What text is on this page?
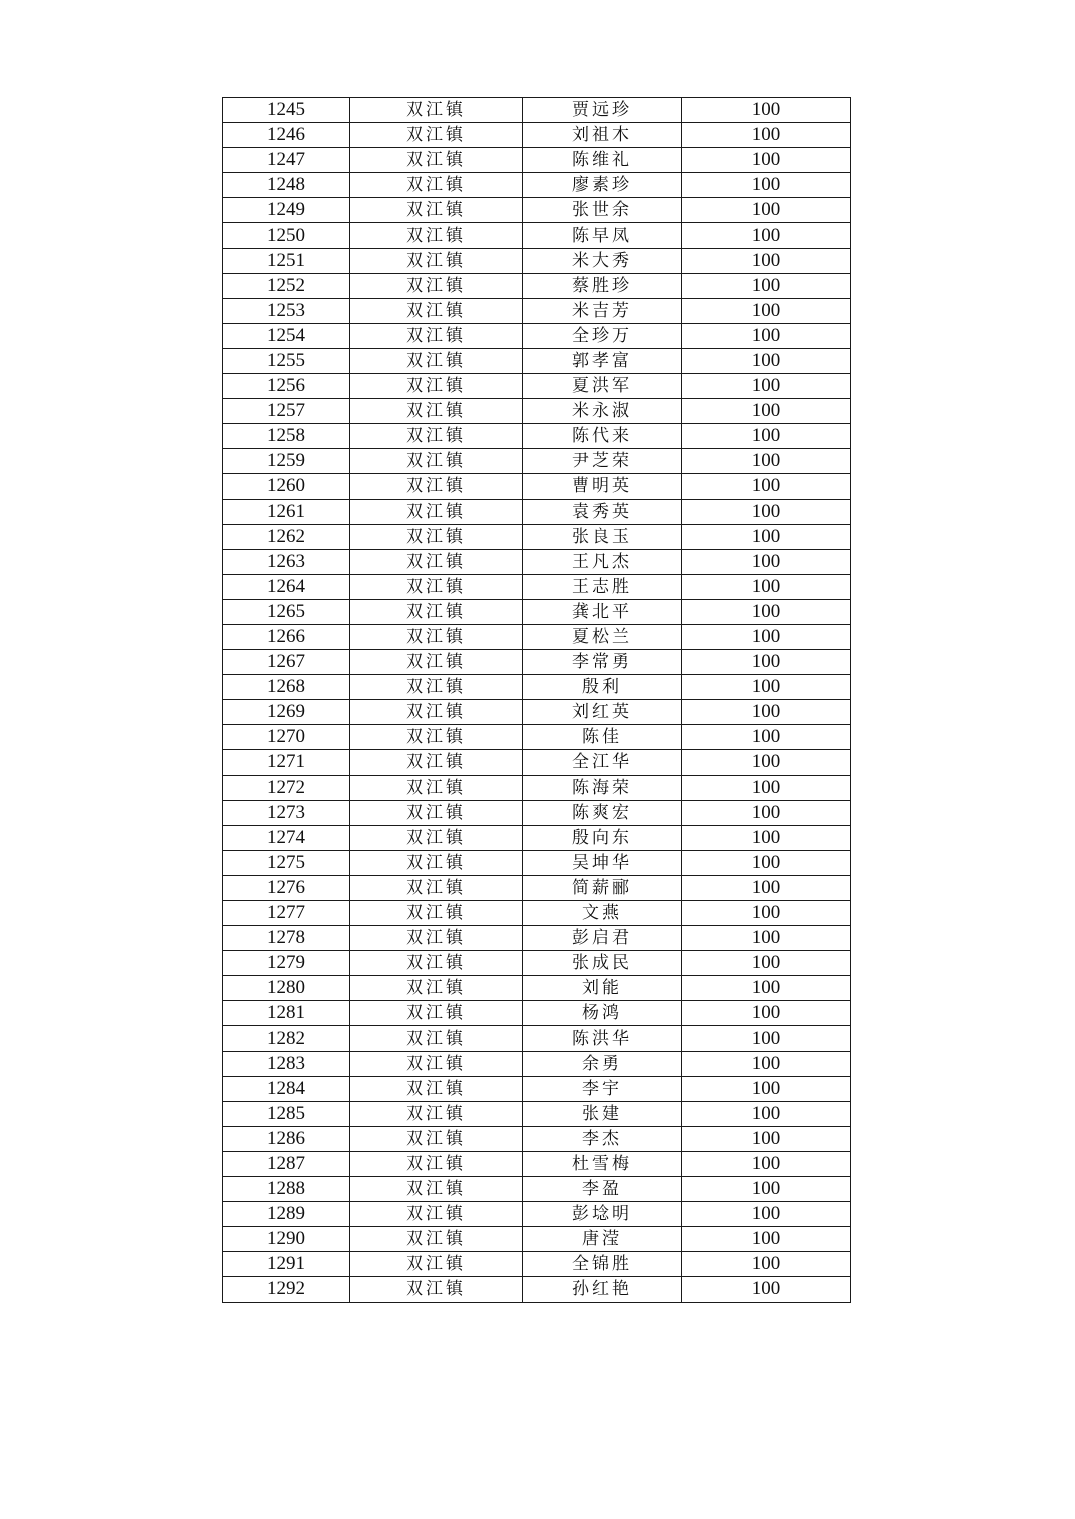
1245	双江镇	贾远珍	100
1246	双江镇	刘祖木	100
1247	双江镇	陈维礼	100
1248	双江镇	廖素珍	100
1249	双江镇	张世余	100
1250	双江镇	陈早凤	100
1251	双江镇	米大秀	100
1252	双江镇	蔡胜珍	100
1253	双江镇	米吉芳	100
1254	双江镇	全珍万	100
1255	双江镇	郭孝富	100
1256	双江镇	夏洪军	100
1257	双江镇	米永淑	100
1258	双江镇	陈代来	100
1259	双江镇	尹芝荣	100
1260	双江镇	曹明英	100
1261	双江镇	袁秀英	100
1262	双江镇	张良玉	100
1263	双江镇	王凡杰	100
1264	双江镇	王志胜	100
1265	双江镇	龚北平	100
1266	双江镇	夏松兰	100
1267	双江镇	李常勇	100
1268	双江镇	殷利	100
1269	双江镇	刘红英	100
1270	双江镇	陈佳	100
1271	双江镇	全江华	100
1272	双江镇	陈海荣	100
1273	双江镇	陈爽宏	100
1274	双江镇	殷向东	100
1275	双江镇	吴坤华	100
1276	双江镇	简薪郦	100
1277	双江镇	文燕	100
1278	双江镇	彭启君	100
1279	双江镇	张成民	100
1280	双江镇	刘能	100
1281	双江镇	杨鸿	100
1282	双江镇	陈洪华	100
1283	双江镇	余勇	100
1284	双江镇	李宇	100
1285	双江镇	张建	100
1286	双江镇	李杰	100
1287	双江镇	杜雪梅	100
1288	双江镇	李盈	100
1289	双江镇	彭埝明	100
1290	双江镇	唐滢	100
1291	双江镇	全锦胜	100
1292	双江镇	孙红艳	100
